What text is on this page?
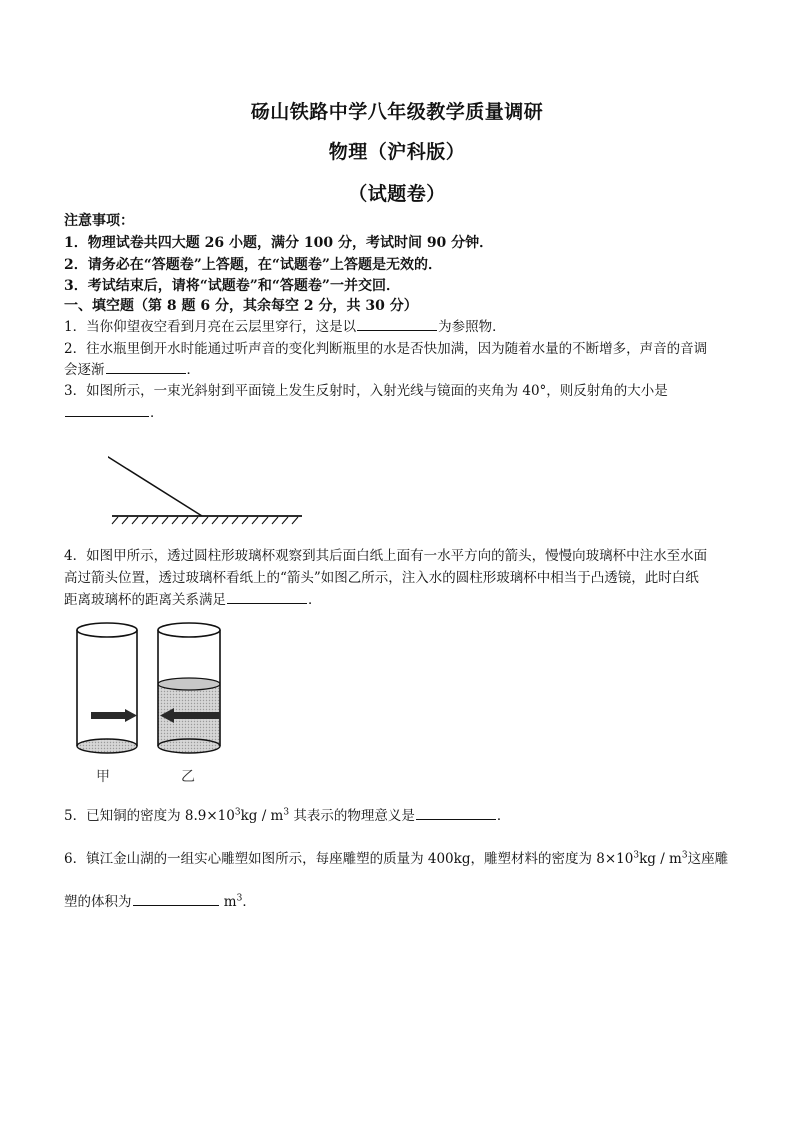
砀山铁路中学八年级教学质量调研
物理（沪科版）
（试题卷）
注意事项：
1．物理试卷共四大题 26 小题，满分 100 分，考试时间 90 分钟．
2．请务必在“答题卷”上答题，在“试题卷”上答题是无效的．
3．考试结束后，请将“试题卷”和“答题卷”一并交回．
一、填空题（第 8 题 6 分，其余每空 2 分，共 30 分）
1．当你仰望夜空看到月亮在云层里穿行，这是以	为参照物．
2．往水瓶里倒开水时能通过听声音的变化判断瓶里的水是否快加满，因为随着水量的不断增多，声音的音调
会逐渐	．
3．如图所示，一束光斜射到平面镜上发生反射时，入射光线与镜面的夹角为 40°，则反射角的大小是
．
4．如图甲所示，透过圆柱形玻璃杯观察到其后面白纸上面有一水平方向的箭头，慢慢向玻璃杯中注水至水面
高过箭头位置，透过玻璃杯看纸上的“箭头”如图乙所示，注入水的圆柱形玻璃杯中相当于凸透镜，此时白纸
距离玻璃杯的距离关系满足	．
甲	乙
5．已知铜的密度为 $8.9\times 10^3kg / m^3$ 其表示的物理意义是	．
6．镇江金山湖的一组实心雕塑如图所示，每座雕塑的质量为 400kg，雕塑材料的密度为 $8\times 10^3kg / m^3$这座雕
塑的体积为	$m^3$．
